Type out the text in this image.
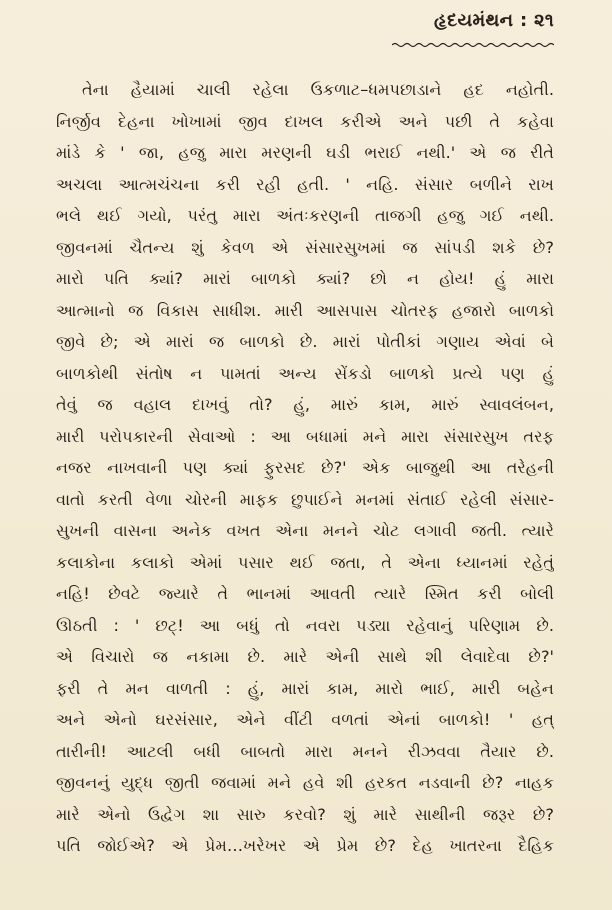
હૃદયમંથન : ૨૧
તેના હૈયામાં ચાલી રહેલા ઉકળાટ–ધમપછાડાને હદ નહોતી.
નિર્જીવ દેહના ખોખામાં જીવ દાખલ કરીએ અને પછી તે કહેવા
માંડે કે ' જા, હજુ મારા મરણની ઘડી ભરાઈ નથી.' એ જ રીતે
અચલા આત્મચંચના કરી રહી હતી. ' નહિ. સંસાર બળીને રાખ
ભલે થઈ ગયો, પરંતુ મારા અંતઃકરણની તાજગી હજુ ગઈ નથી.
જીવનમાં ચૈતન્ય શું કેવળ એ સંસારસુખમાં જ સાંપડી શકે છે?
મારો પતિ ક્યાં? મારાં બાળકો ક્યાં? છો ન હોય! હું મારા
આત્માનો જ વિકાસ સાધીશ. મારી આસપાસ ચોતરફ હજારો બાળકો
જીવે છે; એ મારાં જ બાળકો છે. મારાં પોતીકાં ગણાય એવાં બે
બાળકોથી સંતોષ ન પામતાં અન્ય સેંકડો બાળકો પ્રત્યે પણ હું
તેવું જ વહાલ દાખવું તો? હું, મારું કામ, મારું સ્વાવલંબન,
મારી પરોપકારની સેવાઓ : આ બધામાં મને મારા સંસારસુખ તરફ
નજર નાખવાની પણ ક્યાં ફુરસદ છે?' એક બાજુથી આ તરેહની
વાતો કરતી વેળા ચોરની માફક છુપાઈને મનમાં સંતાઈ રહેલી સંસાર-
સુખની વાસના અનેક વખત એના મનને ચોટ લગાવી જતી. ત્યારે
કલાકોના કલાકો એમાં પસાર થઈ જતા, તે એના ધ્યાનમાં રહેતું
નહિ! છેવટે જ્યારે તે ભાનમાં આવતી ત્યારે સ્મિત કરી બોલી
ઊઠતી : ' છટ્! આ બધું તો નવરા પડ્યા રહેવાનું પરિણામ છે.
એ વિચારો જ નકામા છે. મારે એની સાથે શી લેવાદેવા છે?'
ફરી તે મન વાળતી : હું, મારાં કામ, મારો ભાઈ, મારી બહેન
અને એનો ઘરસંસાર, એને વીંટી વળતાં એનાં બાળકો! ' હત્
તારીની! આટલી બધી બાબતો મારા મનને રીઝવવા તૈયાર છે.
જીવનનું યુદ્ધ જીતી જવામાં મને હવે શી હરકત નડવાની છે? નાહક
મારે એનો ઉદ્વેગ શા સારુ કરવો? શું મારે સાથીની જરૂર છે?
પતિ જોઈએ? એ પ્રેમ…ખરેખર એ પ્રેમ છે? દેહ ખાતરના દૈહિક
